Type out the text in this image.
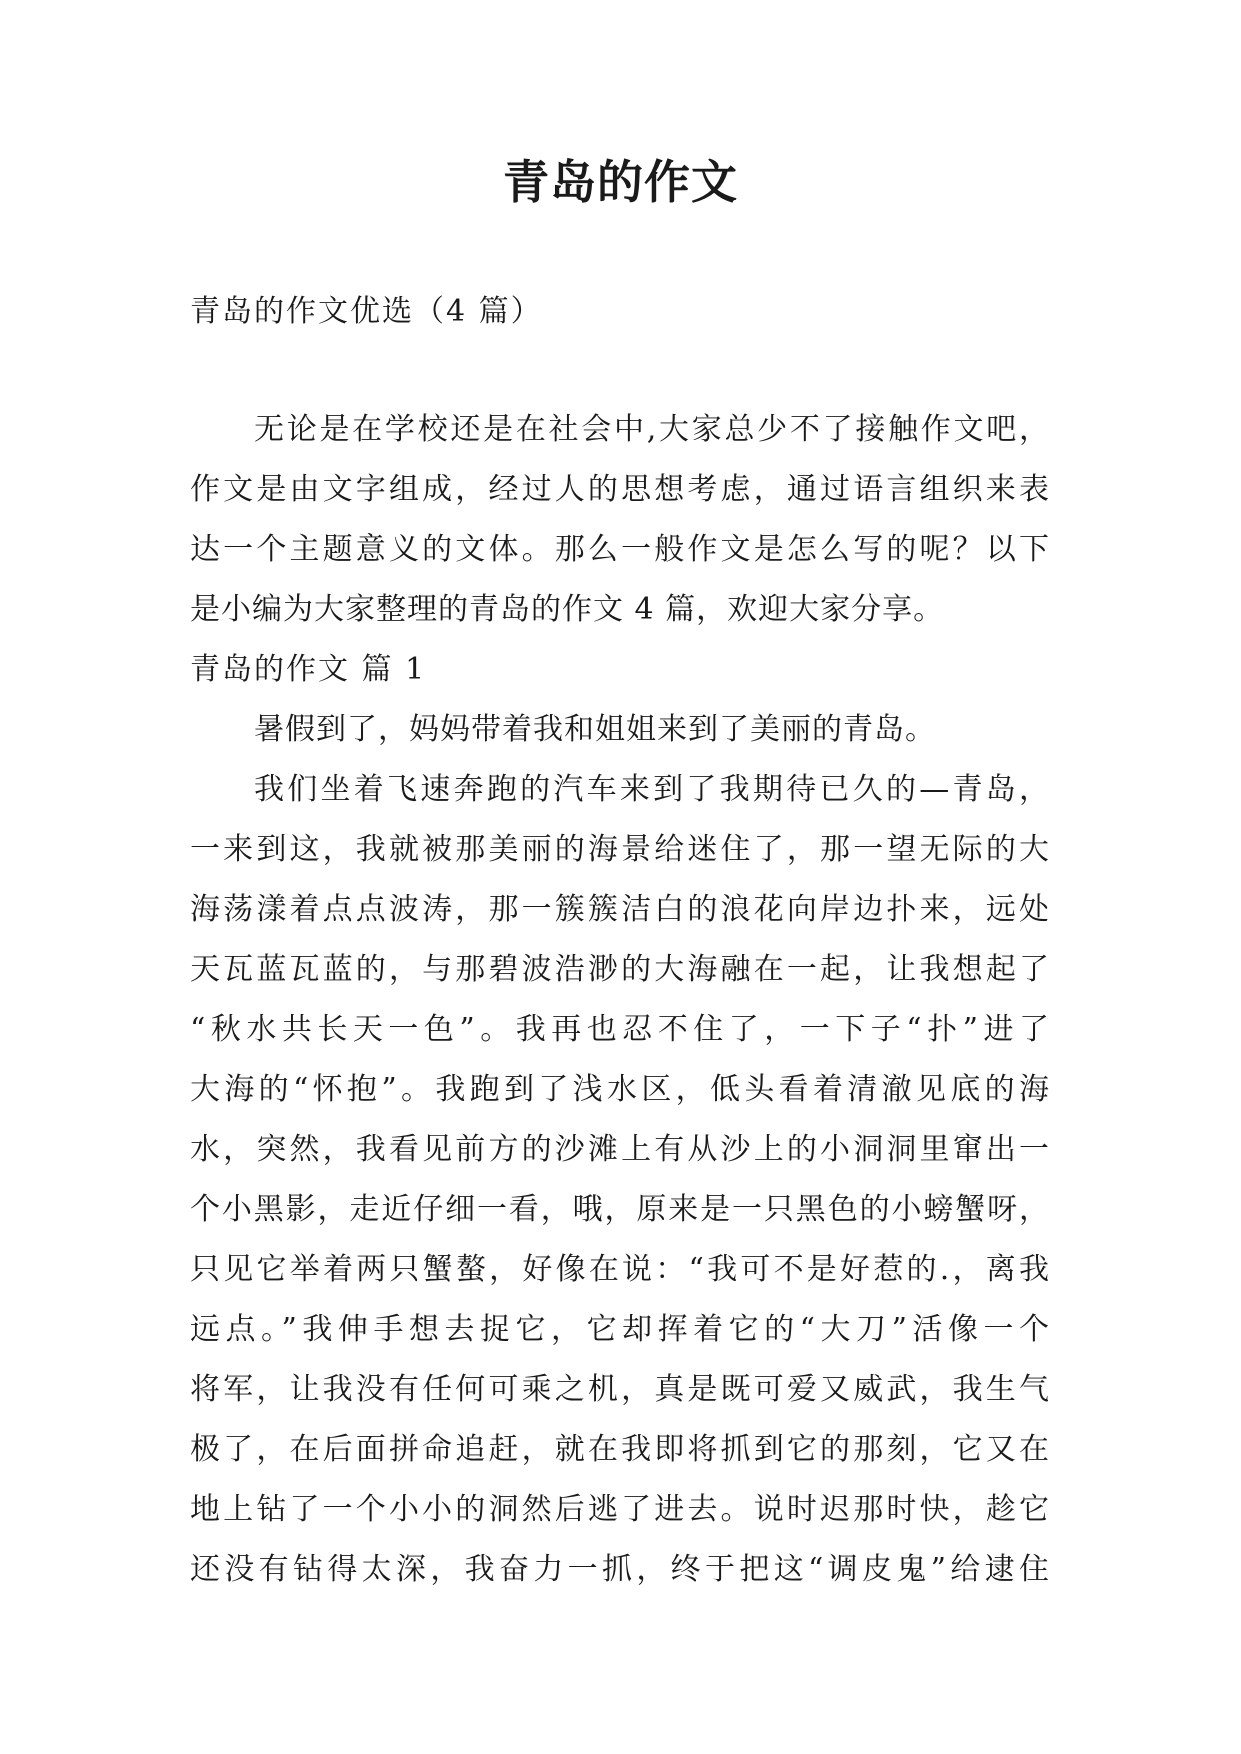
青岛的作文
青岛的作文优选（4 篇）
无论是在学校还是在社会中,大家总少不了接触作文吧，
作文是由文字组成，经过人的思想考虑，通过语言组织来表
达一个主题意义的文体。那么一般作文是怎么写的呢？以下
是小编为大家整理的青岛的作文 4 篇，欢迎大家分享。
青岛的作文 篇 1
暑假到了，妈妈带着我和姐姐来到了美丽的青岛。
我们坐着飞速奔跑的汽车来到了我期待已久的—青岛，
一来到这，我就被那美丽的海景给迷住了，那一望无际的大
海荡漾着点点波涛，那一簇簇洁白的浪花向岸边扑来，远处
天瓦蓝瓦蓝的，与那碧波浩渺的大海融在一起，让我想起了
“秋水共长天一色”。我再也忍不住了，一下子“扑”进了
大海的“怀抱”。我跑到了浅水区，低头看着清澈见底的海
水，突然，我看见前方的沙滩上有从沙上的小洞洞里窜出一
个小黑影，走近仔细一看，哦，原来是一只黑色的小螃蟹呀，
只见它举着两只蟹螯，好像在说：“我可不是好惹的.，离我
远点。”我伸手想去捉它，它却挥着它的“大刀”活像一个
将军，让我没有任何可乘之机，真是既可爱又威武，我生气
极了，在后面拼命追赶，就在我即将抓到它的那刻，它又在
地上钻了一个小小的洞然后逃了进去。说时迟那时快，趁它
还没有钻得太深，我奋力一抓，终于把这“调皮鬼”给逮住
